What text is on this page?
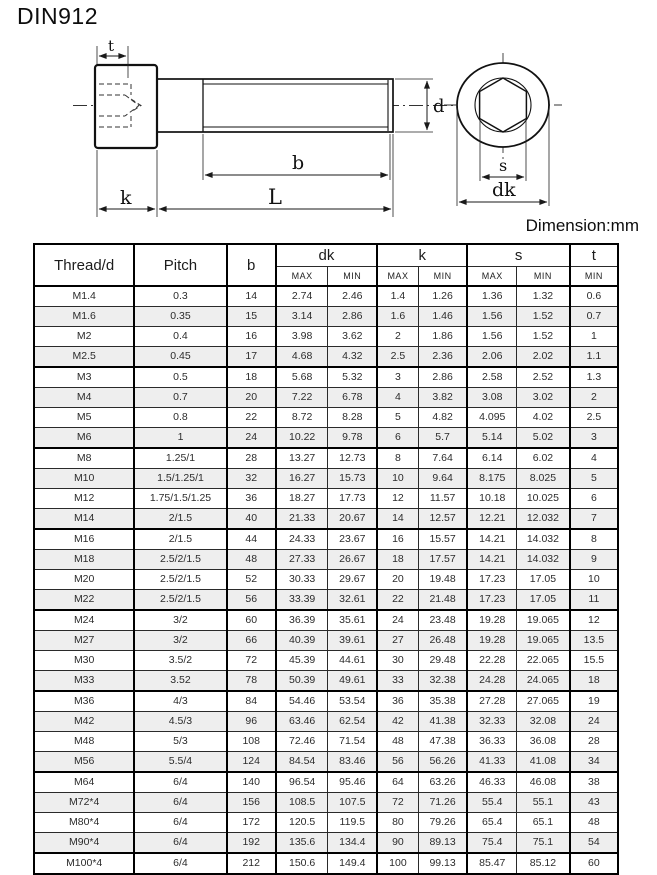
DIN912
t
b
k	L
d
s
dk
Dimension:mm
Thread/d	Pitch	b	dk		k		s		t
			MAX	MIN	MAX	MIN	MAX	MIN	MIN
M1.4	0.3	14	2.74	2.46	1.4	1.26	1.36	1.32	0.6
M1.6	0.35	15	3.14	2.86	1.6	1.46	1.56	1.52	0.7
M2	0.4	16	3.98	3.62	2	1.86	1.56	1.52	1
M2.5	0.45	17	4.68	4.32	2.5	2.36	2.06	2.02	1.1
M3	0.5	18	5.68	5.32	3	2.86	2.58	2.52	1.3
M4	0.7	20	7.22	6.78	4	3.82	3.08	3.02	2
M5	0.8	22	8.72	8.28	5	4.82	4.095	4.02	2.5
M6	1	24	10.22	9.78	6	5.7	5.14	5.02	3
M8	1.25/1	28	13.27	12.73	8	7.64	6.14	6.02	4
M10	1.5/1.25/1	32	16.27	15.73	10	9.64	8.175	8.025	5
M12	1.75/1.5/1.25	36	18.27	17.73	12	11.57	10.18	10.025	6
M14	2/1.5	40	21.33	20.67	14	12.57	12.21	12.032	7
M16	2/1.5	44	24.33	23.67	16	15.57	14.21	14.032	8
M18	2.5/2/1.5	48	27.33	26.67	18	17.57	14.21	14.032	9
M20	2.5/2/1.5	52	30.33	29.67	20	19.48	17.23	17.05	10
M22	2.5/2/1.5	56	33.39	32.61	22	21.48	17.23	17.05	11
M24	3/2	60	36.39	35.61	24	23.48	19.28	19.065	12
M27	3/2	66	40.39	39.61	27	26.48	19.28	19.065	13.5
M30	3.5/2	72	45.39	44.61	30	29.48	22.28	22.065	15.5
M33	3.52	78	50.39	49.61	33	32.38	24.28	24.065	18
M36	4/3	84	54.46	53.54	36	35.38	27.28	27.065	19
M42	4.5/3	96	63.46	62.54	42	41.38	32.33	32.08	24
M48	5/3	108	72.46	71.54	48	47.38	36.33	36.08	28
M56	5.5/4	124	84.54	83.46	56	56.26	41.33	41.08	34
M64	6/4	140	96.54	95.46	64	63.26	46.33	46.08	38
M72*4	6/4	156	108.5	107.5	72	71.26	55.4	55.1	43
M80*4	6/4	172	120.5	119.5	80	79.26	65.4	65.1	48
M90*4	6/4	192	135.6	134.4	90	89.13	75.4	75.1	54
M100*4	6/4	212	150.6	149.4	100	99.13	85.47	85.12	60
